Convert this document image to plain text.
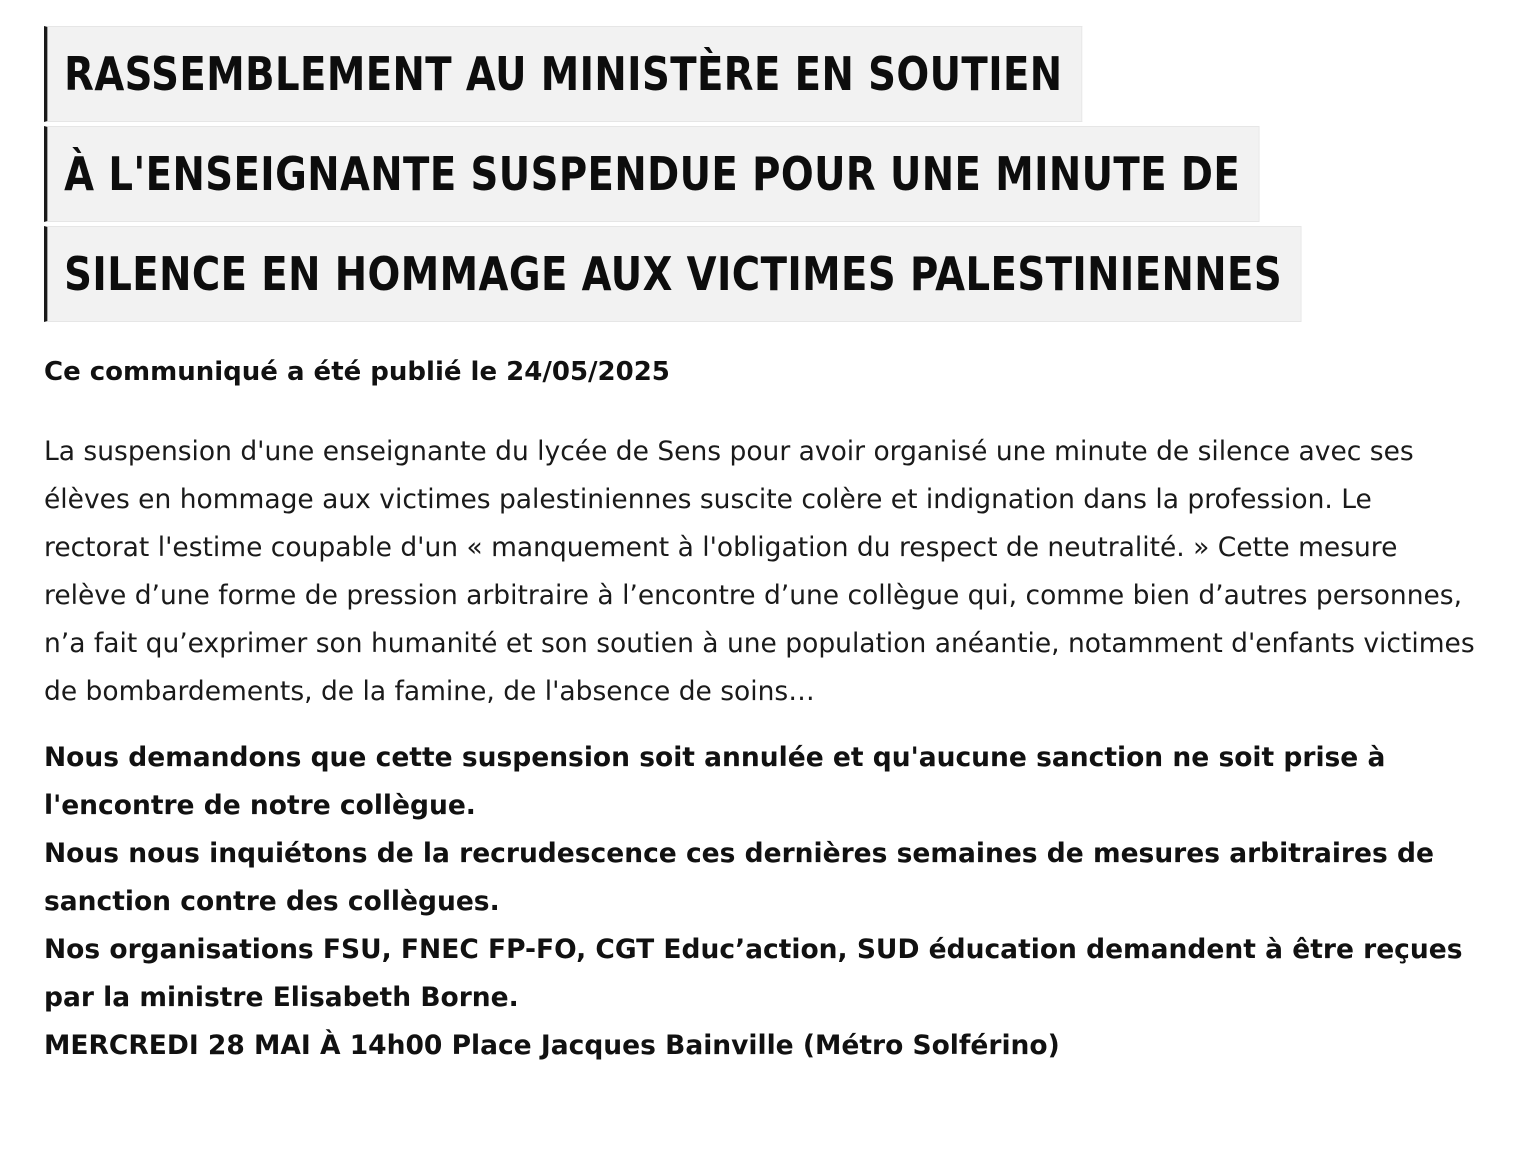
RASSEMBLEMENT AU MINISTÈRE EN SOUTIEN
À L'ENSEIGNANTE SUSPENDUE POUR UNE MINUTE DE
SILENCE EN HOMMAGE AUX VICTIMES PALESTINIENNES
Ce communiqué a été publié le 24/05/2025

La suspension d'une enseignante du lycée de Sens pour avoir organisé une minute de silence avec ses élèves en hommage aux victimes palestiniennes suscite colère et indignation dans la profession. Le rectorat l'estime coupable d'un « manquement à l'obligation du respect de neutralité. » Cette mesure relève d’une forme de pression arbitraire à l’encontre d’une collègue qui, comme bien d’autres personnes, n’a fait qu’exprimer son humanité et son soutien à une population anéantie, notamment d'enfants victimes de bombardements, de la famine, de l'absence de soins…

Nous demandons que cette suspension soit annulée et qu'aucune sanction ne soit prise à l'encontre de notre collègue.

Nous nous inquiétons de la recrudescence ces dernières semaines de mesures arbitraires de sanction contre des collègues.

Nos organisations FSU, FNEC FP-FO, CGT Educ’action, SUD éducation demandent à être reçues par la ministre Elisabeth Borne.

MERCREDI 28 MAI À 14h00 Place Jacques Bainville (Métro Solférino)
